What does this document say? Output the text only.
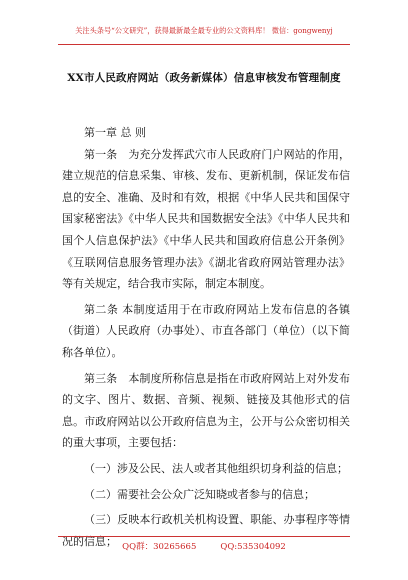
关注头条号“公文研究”，获得最新最全最专业的公文资料库！ 微信：gongwenyj
XX市人民政府网站（政务新媒体）信息审核发布管理制度

第一章 总 则

第一条　为充分发挥武穴市人民政府门户网站的作用，建立规范的信息采集、审核、发布、更新机制，保证发布信息的安全、准确、及时和有效，根据《中华人民共和国保守国家秘密法》《中华人民共和国数据安全法》《中华人民共和国个人信息保护法》《中华人民共和国政府信息公开条例》《互联网信息服务管理办法》《湖北省政府网站管理办法》等有关规定，结合我市实际，制定本制度。

第二条 本制度适用于在市政府网站上发布信息的各镇（街道）人民政府（办事处）、市直各部门（单位）（以下简称各单位）。

第三条　本制度所称信息是指在市政府网站上对外发布的文字、图片、数据、音频、视频、链接及其他形式的信息。市政府网站以公开政府信息为主，公开与公众密切相关的重大事项，主要包括：

（一）涉及公民、法人或者其他组织切身利益的信息；

（二）需要社会公众广泛知晓或者参与的信息；

（三）反映本行政机关机构设置、职能、办事程序等情况的信息； QQ群：30265665	QQ:535304092
